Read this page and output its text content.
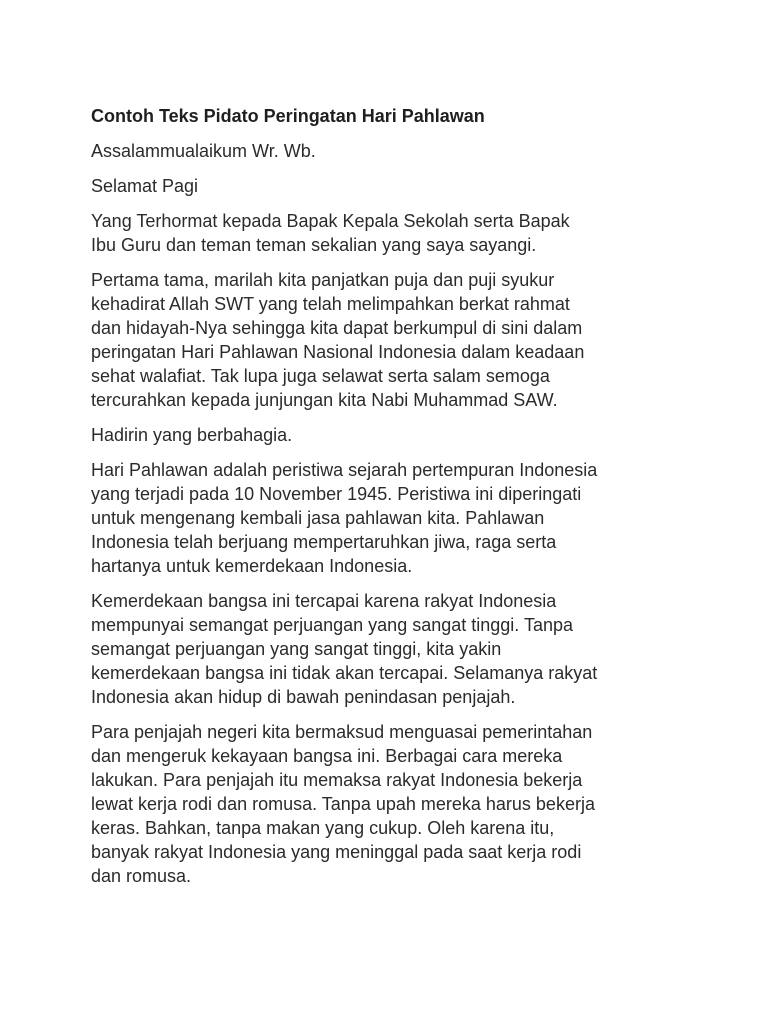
Contoh Teks Pidato Peringatan Hari Pahlawan
Assalammualaikum Wr. Wb.
Selamat Pagi
Yang Terhormat kepada Bapak Kepala Sekolah serta Bapak
Ibu Guru dan teman teman sekalian yang saya sayangi.
Pertama tama, marilah kita panjatkan puja dan puji syukur
kehadirat Allah SWT yang telah melimpahkan berkat rahmat
dan hidayah-Nya sehingga kita dapat berkumpul di sini dalam
peringatan Hari Pahlawan Nasional Indonesia dalam keadaan
sehat walafiat. Tak lupa juga selawat serta salam semoga
tercurahkan kepada junjungan kita Nabi Muhammad SAW.
Hadirin yang berbahagia.
Hari Pahlawan adalah peristiwa sejarah pertempuran Indonesia
yang terjadi pada 10 November 1945. Peristiwa ini diperingati
untuk mengenang kembali jasa pahlawan kita. Pahlawan
Indonesia telah berjuang mempertaruhkan jiwa, raga serta
hartanya untuk kemerdekaan Indonesia.
Kemerdekaan bangsa ini tercapai karena rakyat Indonesia
mempunyai semangat perjuangan yang sangat tinggi. Tanpa
semangat perjuangan yang sangat tinggi, kita yakin
kemerdekaan bangsa ini tidak akan tercapai. Selamanya rakyat
Indonesia akan hidup di bawah penindasan penjajah.
Para penjajah negeri kita bermaksud menguasai pemerintahan
dan mengeruk kekayaan bangsa ini. Berbagai cara mereka
lakukan. Para penjajah itu memaksa rakyat Indonesia bekerja
lewat kerja rodi dan romusa. Tanpa upah mereka harus bekerja
keras. Bahkan, tanpa makan yang cukup. Oleh karena itu,
banyak rakyat Indonesia yang meninggal pada saat kerja rodi
dan romusa.
